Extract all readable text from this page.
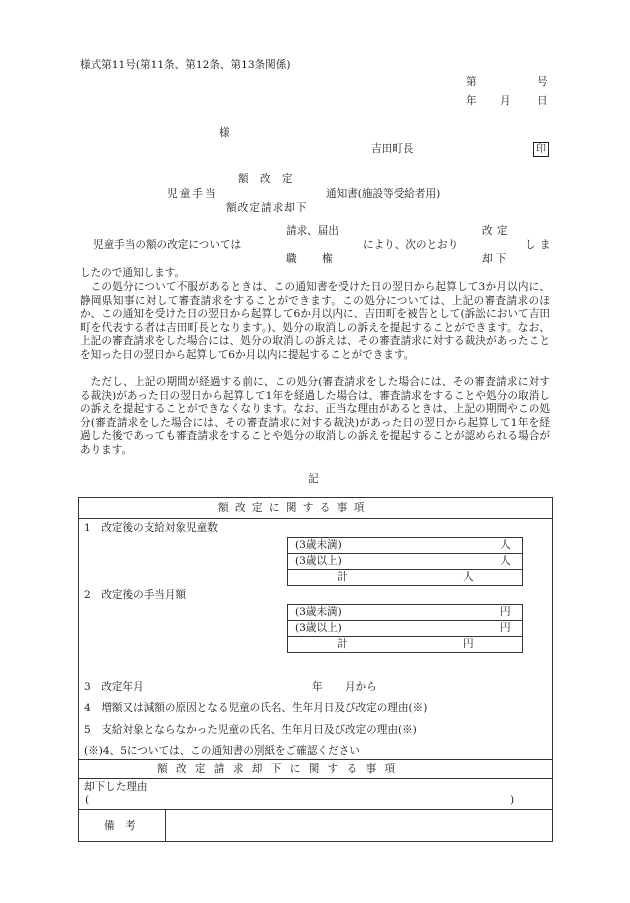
様式第11号(第11条、第12条、第13条関係)
第	号
年 月 日
様
吉田町長	印
額 改 定
児童手当	通知書(施設等受給者用)
額改定請求却下
請求、届出	改定
児童手当の額の改定については	により、次のとおり	しま
職 権	却下
したので通知します。
この処分について不服があるときは、この通知書を受けた日の翌日から起算して3か月以内に、静岡県知事に対して審査請求をすることができます。この処分については、上記の審査請求のほか、この通知を受けた日の翌日から起算して6か月以内に、吉田町を被告として(訴訟において吉田町を代表する者は吉田町長となります。)、処分の取消しの訴えを提起することができます。なお、上記の審査請求をした場合には、処分の取消しの訴えは、その審査請求に対する裁決があったことを知った日の翌日から起算して6か月以内に提起することができます。
ただし、上記の期間が経過する前に、この処分(審査請求をした場合には、その審査請求に対する裁決)があった日の翌日から起算して1年を経過した場合は、審査請求をすることや処分の取消しの訴えを提起することができなくなります。なお、正当な理由があるときは、上記の期間やこの処分(審査請求をした場合には、その審査請求に対する裁決)があった日の翌日から起算して1年を経過した後であっても審査請求をすることや処分の取消しの訴えを提起することが認められる場合があります。
記
額 改 定 に 関 す る 事 項
1　改定後の支給対象児童数
(3歳未満)	人
(3歳以上)	人
計	人
2　改定後の手当月額
(3歳未満)	円
(3歳以上)	円
計	円
3　改定年月	年 月から
4　増額又は減額の原因となる児童の氏名、生年月日及び改定の理由(※)
5　支給対象とならなかった児童の氏名、生年月日及び改定の理由(※)
(※)4、5については、この通知書の別紙をご確認ください
額 改 定 請 求 却 下 に 関 す る 事 項
却下した理由
(	)
備　考
